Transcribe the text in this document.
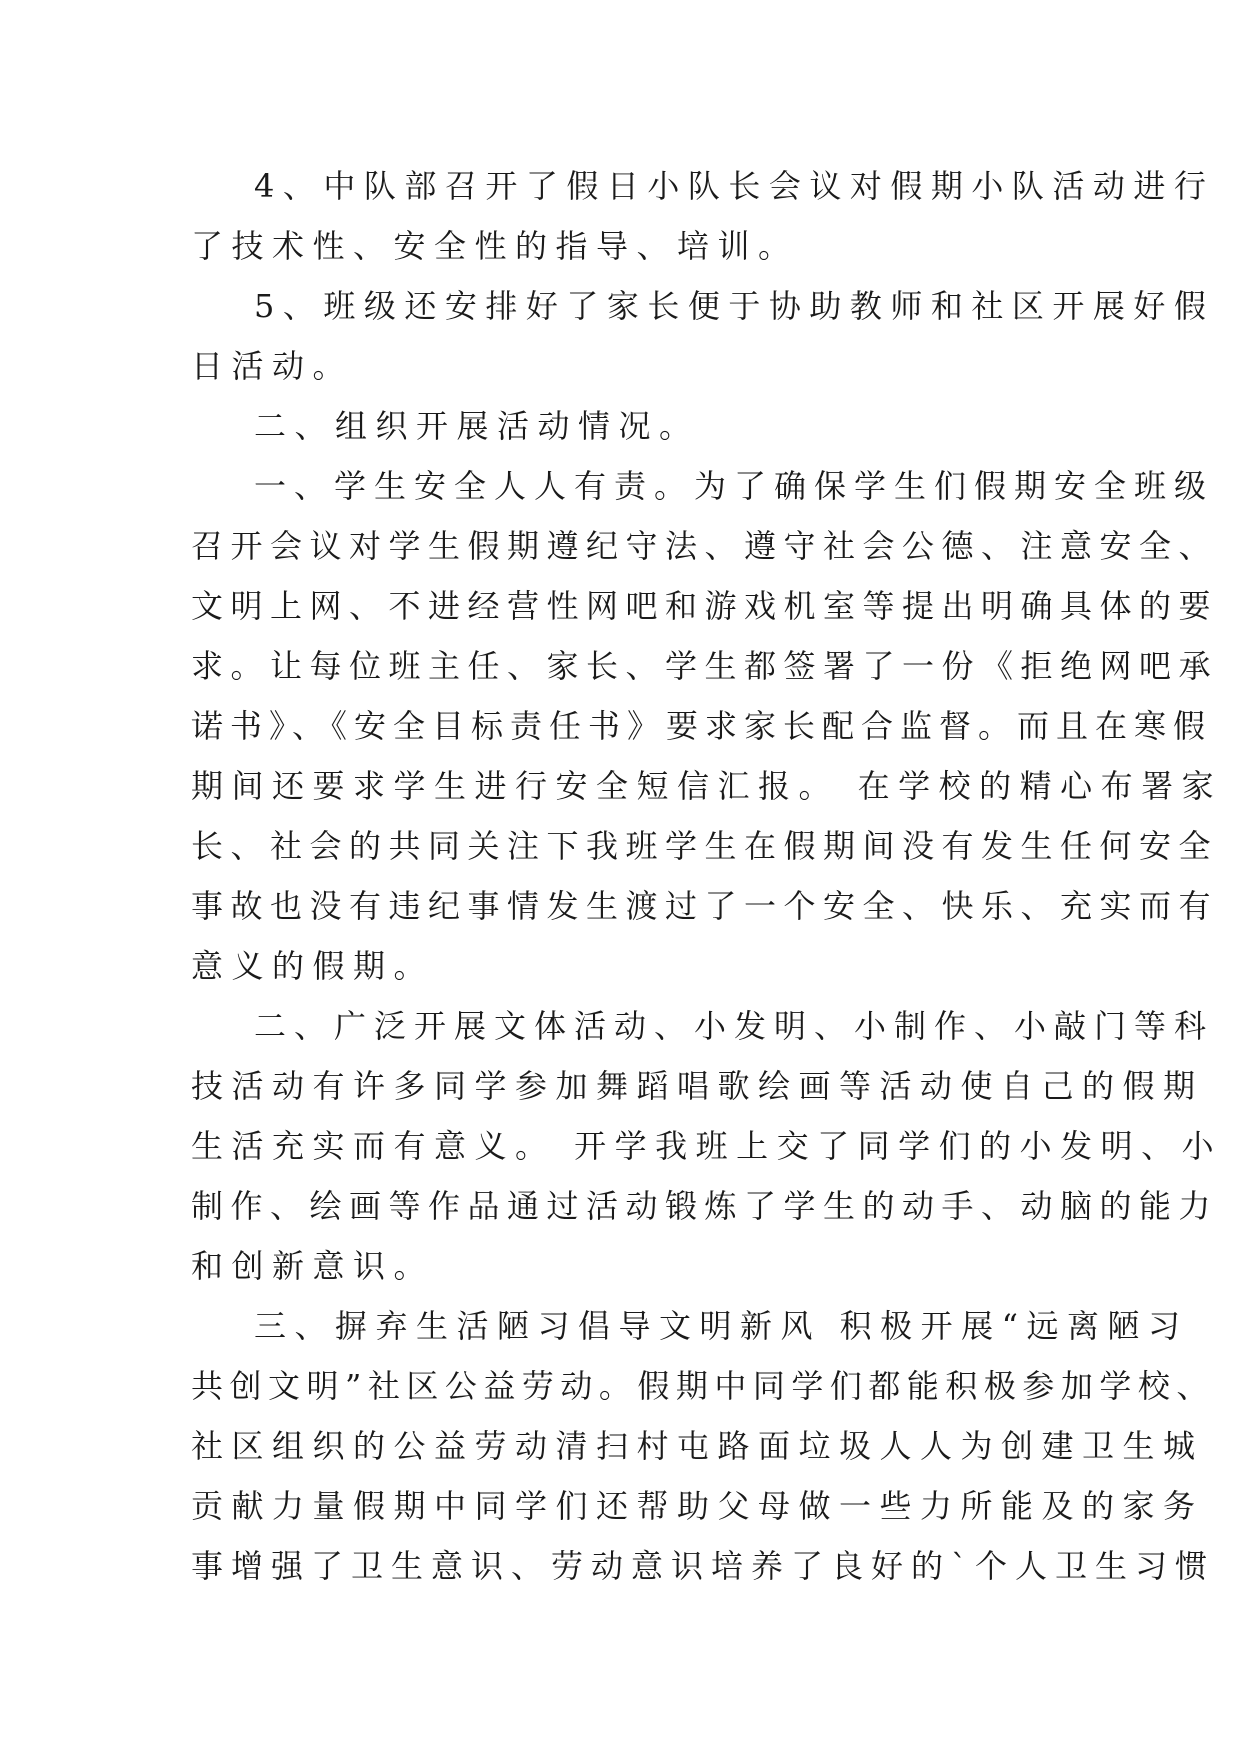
4、中队部召开了假日小队长会议对假期小队活动进行
了技术性、安全性的指导、培训。
5、班级还安排好了家长便于协助教师和社区开展好假
日活动。
二、组织开展活动情况。
一、学生安全人人有责。为了确保学生们假期安全班级
召开会议对学生假期遵纪守法、遵守社会公德、注意安全、
文明上网、不进经营性网吧和游戏机室等提出明确具体的要
求。让每位班主任、家长、学生都签署了一份《拒绝网吧承
诺书》、《安全目标责任书》要求家长配合监督。而且在寒假
期间还要求学生进行安全短信汇报。 在学校的精心布署家
长、社会的共同关注下我班学生在假期间没有发生任何安全
事故也没有违纪事情发生渡过了一个安全、快乐、充实而有
意义的假期。
二、广泛开展文体活动、小发明、小制作、小敲门等科
技活动有许多同学参加舞蹈唱歌绘画等活动使自己的假期
生活充实而有意义。 开学我班上交了同学们的小发明、小
制作、绘画等作品通过活动锻炼了学生的动手、动脑的能力
和创新意识。
三、摒弃生活陋习倡导文明新风 积极开展“远离陋习
共创文明”社区公益劳动。假期中同学们都能积极参加学校、
社区组织的公益劳动清扫村屯路面垃圾人人为创建卫生城
贡献力量假期中同学们还帮助父母做一些力所能及的家务
事增强了卫生意识、劳动意识培养了良好的`个人卫生习惯
